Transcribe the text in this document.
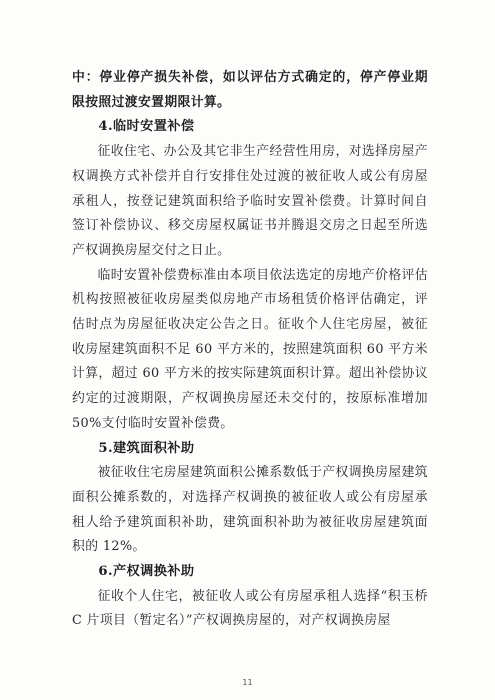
中：停业停产损失补偿，如以评估方式确定的，停产停业期限按照过渡安置期限计算。

4.临时安置补偿

征收住宅、办公及其它非生产经营性用房，对选择房屋产权调换方式补偿并自行安排住处过渡的被征收人或公有房屋承租人，按登记建筑面积给予临时安置补偿费。计算时间自签订补偿协议、移交房屋权属证书并腾退交房之日起至所选产权调换房屋交付之日止。

临时安置补偿费标准由本项目依法选定的房地产价格评估机构按照被征收房屋类似房地产市场租赁价格评估确定，评估时点为房屋征收决定公告之日。征收个人住宅房屋，被征收房屋建筑面积不足 60 平方米的，按照建筑面积 60 平方米计算，超过 60 平方米的按实际建筑面积计算。超出补偿协议约定的过渡期限，产权调换房屋还未交付的，按原标准增加 50%支付临时安置补偿费。

5.建筑面积补助

被征收住宅房屋建筑面积公摊系数低于产权调换房屋建筑面积公摊系数的，对选择产权调换的被征收人或公有房屋承租人给予建筑面积补助，建筑面积补助为被征收房屋建筑面积的 12%。

6.产权调换补助

征收个人住宅，被征收人或公有房屋承租人选择“积玉桥 C 片项目（暂定名）”产权调换房屋的，对产权调换房屋

11
